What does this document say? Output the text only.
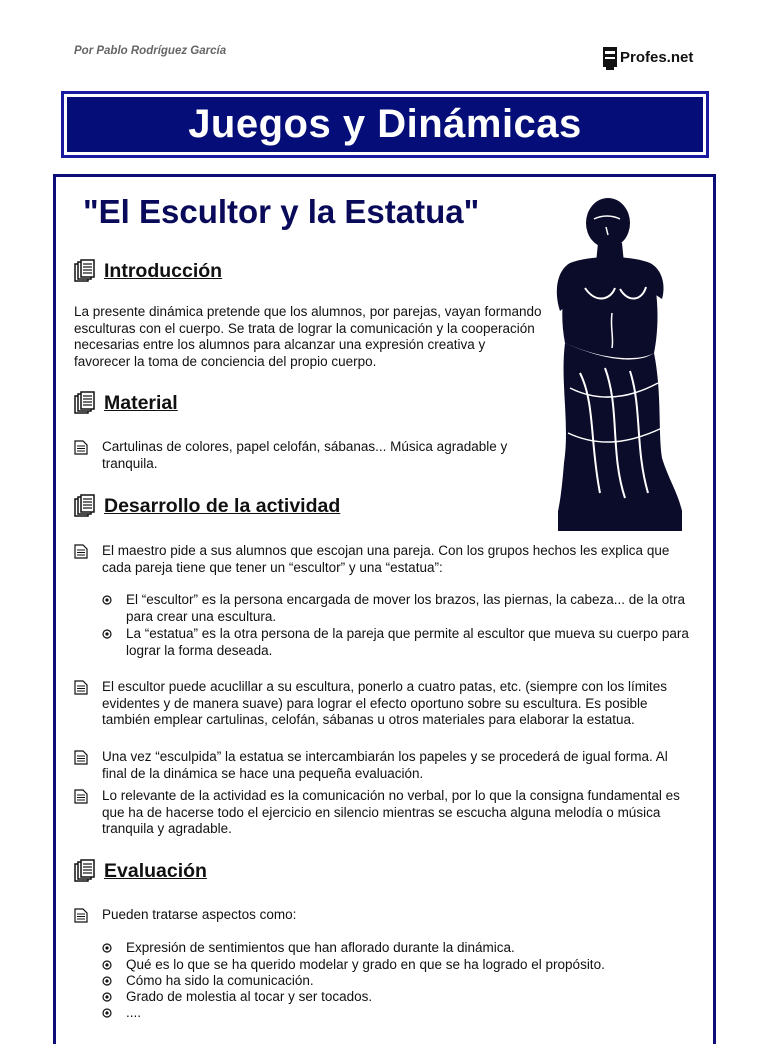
Por Pablo Rodríguez García	Profes.net
Juegos y Dinámicas
"El Escultor y la Estatua"
Introducción
La presente dinámica pretende que los alumnos, por parejas, vayan formando esculturas con el cuerpo. Se trata de lograr la comunicación y la cooperación necesarias entre los alumnos para alcanzar una expresión creativa y favorecer la toma de conciencia del propio cuerpo.
Material
Cartulinas de colores, papel celofán, sábanas... Música agradable y tranquila.
Desarrollo de la actividad
El maestro pide a sus alumnos que escojan una pareja. Con los grupos hechos les explica que cada pareja tiene que tener un “escultor” y una “estatua”:
El “escultor” es la persona encargada de mover los brazos, las piernas, la cabeza... de la otra para crear una escultura.
La “estatua” es la otra persona de la pareja que permite al escultor que mueva su cuerpo para lograr la forma deseada.
El escultor puede acuclillar a su escultura, ponerlo a cuatro patas, etc. (siempre con los límites evidentes y de manera suave) para lograr el efecto oportuno sobre su escultura. Es posible también emplear cartulinas, celofán, sábanas u otros materiales para elaborar la estatua.
Una vez “esculpida” la estatua se intercambiarán los papeles y se procederá de igual forma. Al final de la dinámica se hace una pequeña evaluación.
Lo relevante de la actividad es la comunicación no verbal, por lo que la consigna fundamental es que ha de hacerse todo el ejercicio en silencio mientras se escucha alguna melodía o música tranquila y agradable.
Evaluación
Pueden tratarse aspectos como:
Expresión de sentimientos que han aflorado durante la dinámica.
Qué es lo que se ha querido modelar y grado en que se ha logrado el propósito.
Cómo ha sido la comunicación.
Grado de molestia al tocar y ser tocados.
....
